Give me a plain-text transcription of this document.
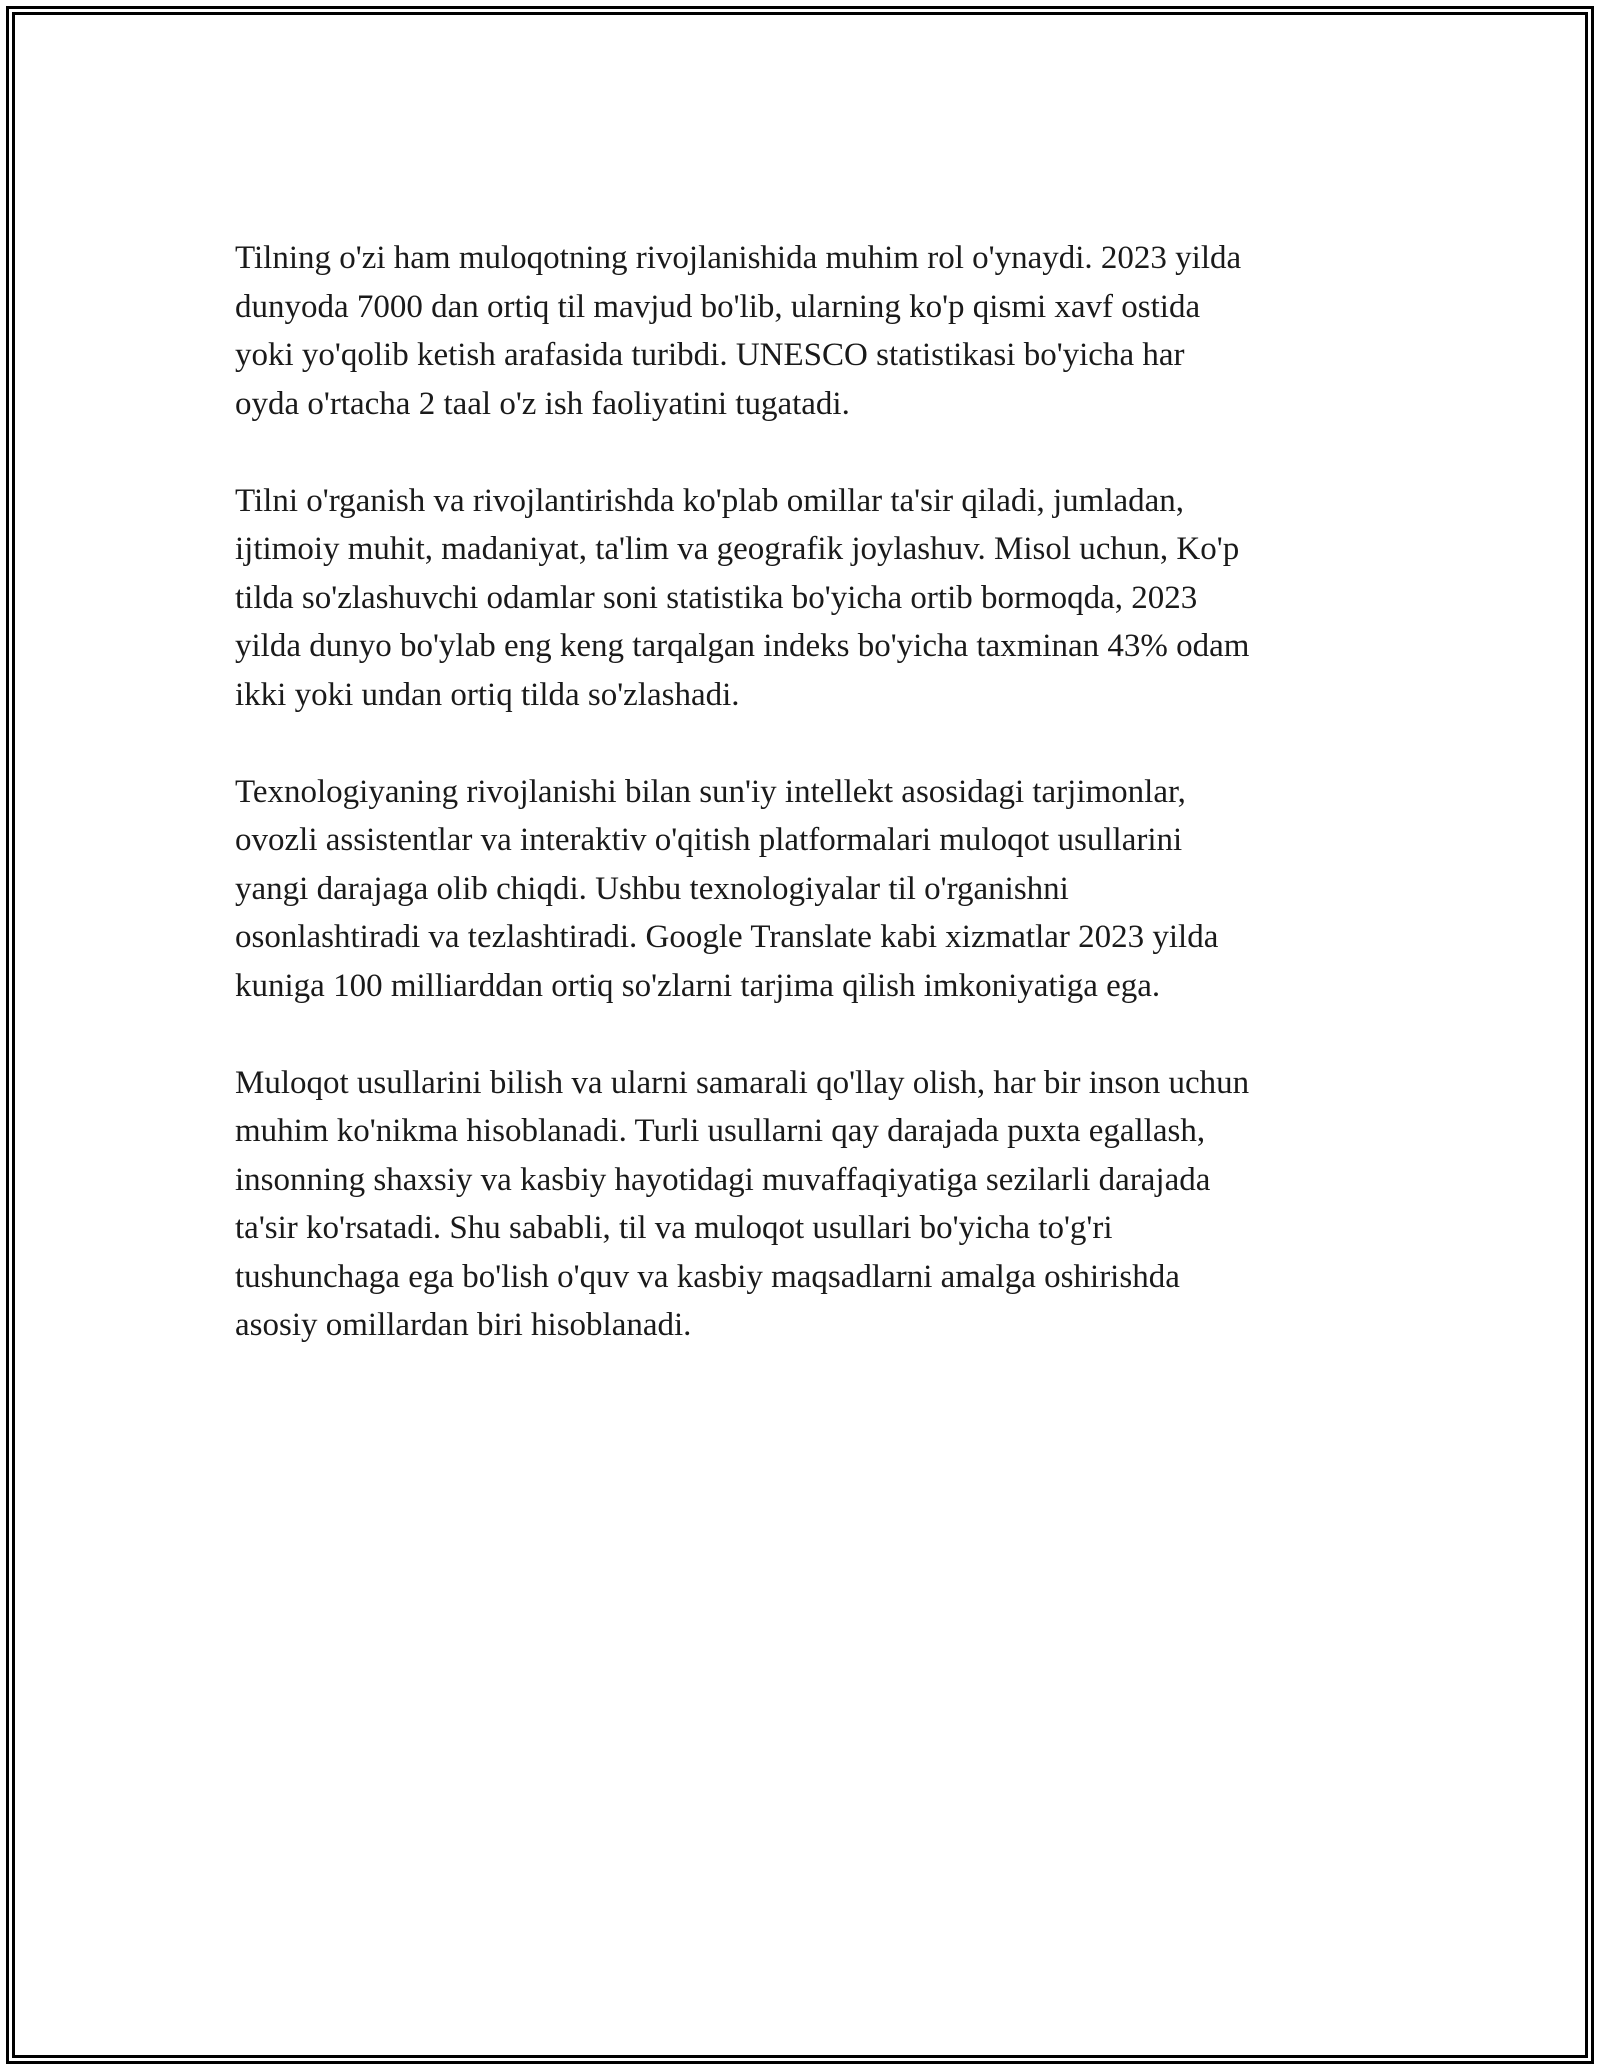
Tilning o'zi ham muloqotning rivojlanishida muhim rol o'ynaydi. 2023 yilda
dunyoda 7000 dan ortiq til mavjud bo'lib, ularning ko'p qismi xavf ostida
yoki yo'qolib ketish arafasida turibdi. UNESCO statistikasi bo'yicha har
oyda o'rtacha 2 taal o'z ish faoliyatini tugatadi.

Tilni o'rganish va rivojlantirishda ko'plab omillar ta'sir qiladi, jumladan,
ijtimoiy muhit, madaniyat, ta'lim va geografik joylashuv. Misol uchun, Ko'p
tilda so'zlashuvchi odamlar soni statistika bo'yicha ortib bormoqda, 2023
yilda dunyo bo'ylab eng keng tarqalgan indeks bo'yicha taxminan 43% odam
ikki yoki undan ortiq tilda so'zlashadi.

Texnologiyaning rivojlanishi bilan sun'iy intellekt asosidagi tarjimonlar,
ovozli assistentlar va interaktiv o'qitish platformalari muloqot usullarini
yangi darajaga olib chiqdi. Ushbu texnologiyalar til o'rganishni
osonlashtiradi va tezlashtiradi. Google Translate kabi xizmatlar 2023 yilda
kuniga 100 milliarddan ortiq so'zlarni tarjima qilish imkoniyatiga ega.

Muloqot usullarini bilish va ularni samarali qo'llay olish, har bir inson uchun
muhim ko'nikma hisoblanadi. Turli usullarni qay darajada puxta egallash,
insonning shaxsiy va kasbiy hayotidagi muvaffaqiyatiga sezilarli darajada
ta'sir ko'rsatadi. Shu sababli, til va muloqot usullari bo'yicha to'g'ri
tushunchaga ega bo'lish o'quv va kasbiy maqsadlarni amalga oshirishda
asosiy omillardan biri hisoblanadi.
